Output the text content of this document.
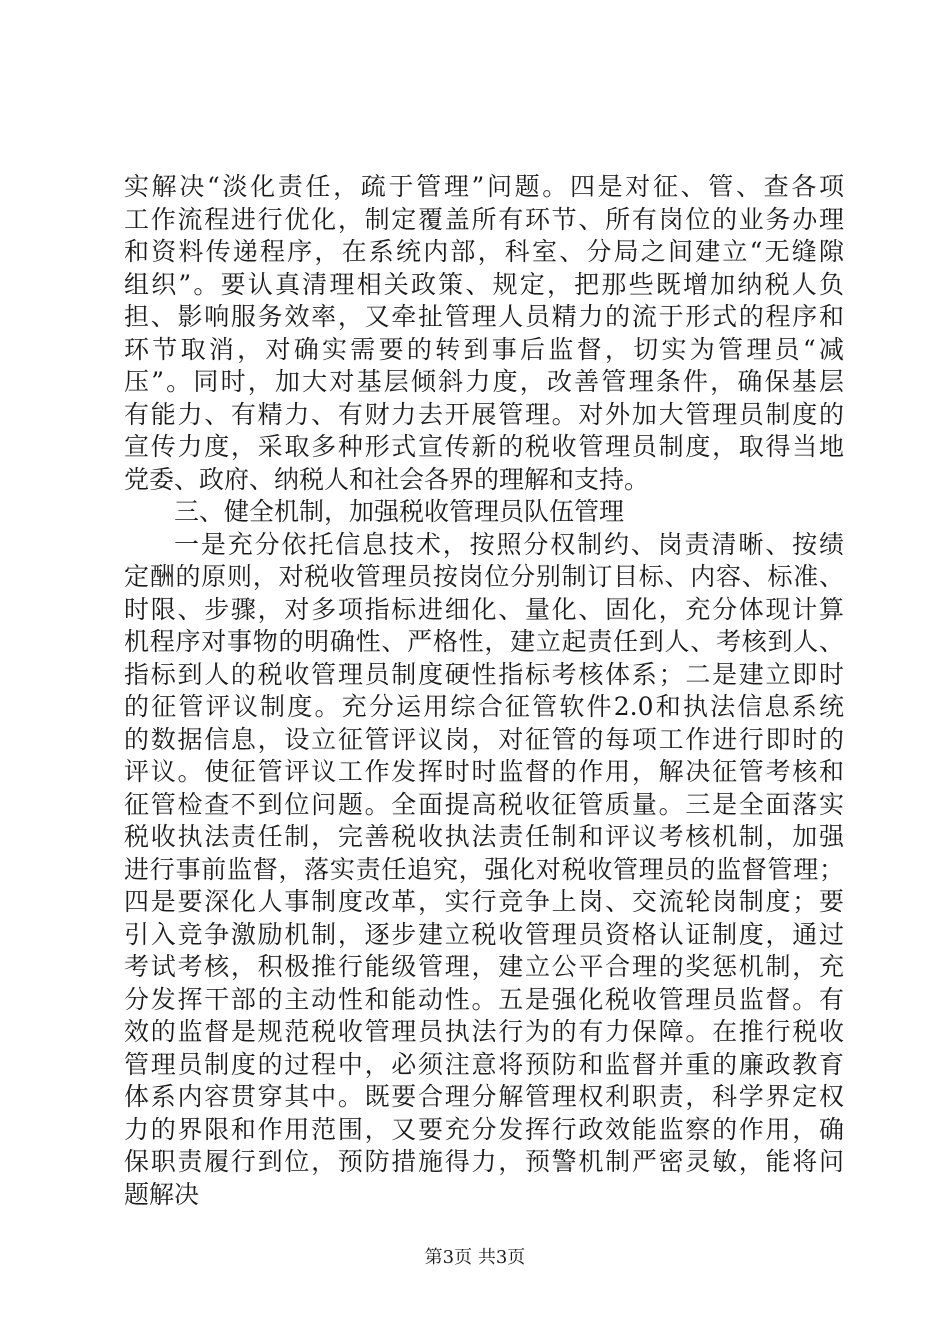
实解决“淡化责任，疏于管理”问题。四是对征、管、查各项
工作流程进行优化，制定覆盖所有环节、所有岗位的业务办理
和资料传递程序，在系统内部，科室、分局之间建立“无缝隙
组织”。要认真清理相关政策、规定，把那些既增加纳税人负
担、影响服务效率，又牵扯管理人员精力的流于形式的程序和
环节取消，对确实需要的转到事后监督，切实为管理员“减
压”。同时，加大对基层倾斜力度，改善管理条件，确保基层
有能力、有精力、有财力去开展管理。对外加大管理员制度的
宣传力度，采取多种形式宣传新的税收管理员制度，取得当地
党委、政府、纳税人和社会各界的理解和支持。
三、健全机制，加强税收管理员队伍管理
一是充分依托信息技术，按照分权制约、岗责清晰、按绩
定酬的原则，对税收管理员按岗位分别制订目标、内容、标准、
时限、步骤，对多项指标进细化、量化、固化，充分体现计算
机程序对事物的明确性、严格性，建立起责任到人、考核到人、
指标到人的税收管理员制度硬性指标考核体系；二是建立即时
的征管评议制度。充分运用综合征管软件2.0和执法信息系统
的数据信息，设立征管评议岗，对征管的每项工作进行即时的
评议。使征管评议工作发挥时时监督的作用，解决征管考核和
征管检查不到位问题。全面提高税收征管质量。三是全面落实
税收执法责任制，完善税收执法责任制和评议考核机制，加强
进行事前监督，落实责任追究，强化对税收管理员的监督管理；
四是要深化人事制度改革，实行竞争上岗、交流轮岗制度；要
引入竞争激励机制，逐步建立税收管理员资格认证制度，通过
考试考核，积极推行能级管理，建立公平合理的奖惩机制，充
分发挥干部的主动性和能动性。五是强化税收管理员监督。有
效的监督是规范税收管理员执法行为的有力保障。在推行税收
管理员制度的过程中，必须注意将预防和监督并重的廉政教育
体系内容贯穿其中。既要合理分解管理权利职责，科学界定权
力的界限和作用范围，又要充分发挥行政效能监察的作用，确
保职责履行到位，预防措施得力，预警机制严密灵敏，能将问
题解决
第3页 共3页
